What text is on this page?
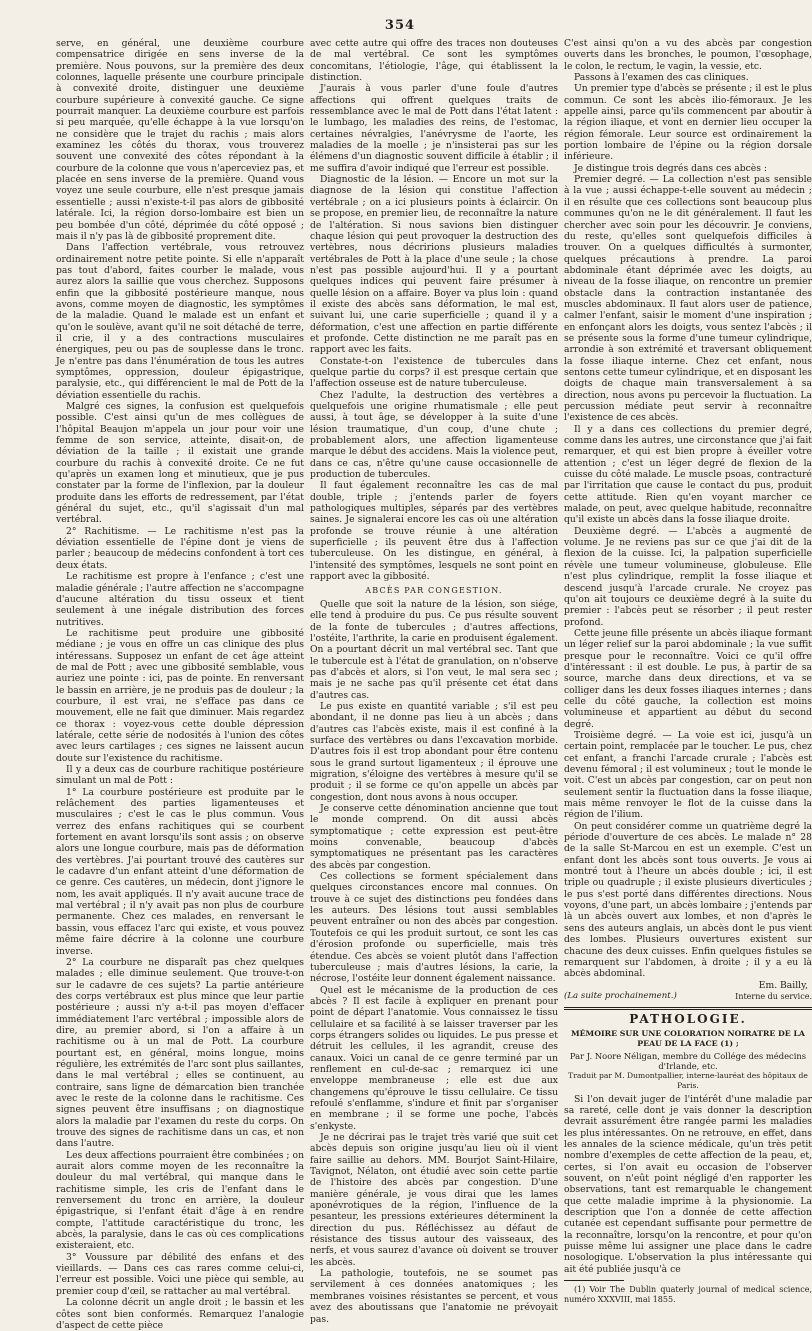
354

serve, en général, une deuxième courbure compensatrice dirigée en sens inverse de la première. Nous pouvons, sur la première des deux colonnes, laquelle présente une courbure principale à convexité droite, distinguer une deuxième courbure supérieure à convexité gauche. Ce signe pourrait manquer. La deuxième courbure est parfois si peu marquée, qu'elle échappe à la vue lorsqu'on ne considère que le trajet du rachis ; mais alors examinez les côtés du thorax, vous trouverez souvent une convexité des côtes répondant à la courbure de la colonne que vous n'aperceviez pas, et placée en sens inverse de la première. Quand vous voyez une seule courbure, elle n'est presque jamais essentielle ; aussi n'existe-t-il pas alors de gibbosité latérale. Ici, la région dorso-lombaire est bien un peu bombée d'un côté, déprimée du côté opposé ; mais il n'y pas là de gibbosité proprement dite.

Dans l'affection vertébrale, vous retrouvez ordinairement notre petite pointe. Si elle n'apparaît pas tout d'abord, faites courber le malade, vous aurez alors la saillie que vous cherchez. Supposons enfin que la gibbosité postérieure manque, nous avons, comme moyen de diagnostic, les symptômes de la maladie. Quand le malade est un enfant et qu'on le soulève, avant qu'il ne soit détaché de terre, il crie, il y a des contractions musculaires énergiques, peu ou pas de souplesse dans le tronc. Je n'entre pas dans l'énumération de tous les autres symptômes, oppression, douleur épigastrique, paralysie, etc., qui différencient le mal de Pott de la déviation essentielle du rachis.

Malgré ces signes, la confusion est quelquefois possible. C'est ainsi qu'un de mes collègues de l'hôpital Beaujon m'appela un jour pour voir une femme de son service, atteinte, disait-on, de déviation de la taille ; il existait une grande courbure du rachis à convexité droite. Ce ne fut qu'après un examen long et minutieux, que je pus constater par la forme de l'inflexion, par la douleur produite dans les efforts de redressement, par l'état général du sujet, etc., qu'il s'agissait d'un mal vertébral.

2° Rachitisme. — Le rachitisme n'est pas la déviation essentielle de l'épine dont je viens de parler ; beaucoup de médecins confondent à tort ces deux états.

Le rachitisme est propre à l'enfance ; c'est une maladie générale ; l'autre affection ne s'accompagne d'aucune altération du tissu osseux et tient seulement à une inégale distribution des forces nutritives.

Le rachitisme peut produire une gibbosité médiane ; je vous en offre un cas clinique des plus intéressans. Supposez un enfant de cet âge atteint de mal de Pott ; avec une gibbosité semblable, vous auriez une pointe : ici, pas de pointe. En renversant le bassin en arrière, je ne produis pas de douleur ; la courbure, il est vrai, ne s'efface pas dans ce mouvement, elle ne fait que diminuer. Mais regardez ce thorax : voyez-vous cette double dépression latérale, cette série de nodosités à l'union des côtes avec leurs cartilages ; ces signes ne laissent aucun doute sur l'existence du rachitisme.

Il y a deux cas de courbure rachitique postérieure simulant un mal de Pott :

1° La courbure postérieure est produite par le relâchement des parties ligamenteuses et musculaires ; c'est le cas le plus commun. Vous verrez des enfans rachitiques qui se courbent fortement en avant lorsqu'ils sont assis ; on observe alors une longue courbure, mais pas de déformation des vertèbres. J'ai pourtant trouvé des cautères sur le cadavre d'un enfant atteint d'une déformation de ce genre. Ces cautères, un médecin, dont j'ignore le nom, les avait appliqués. Il n'y avait aucune trace de mal vertébral ; il n'y avait pas non plus de courbure permanente. Chez ces malades, en renversant le bassin, vous effacez l'arc qui existe, et vous pouvez même faire décrire à la colonne une courbure inverse.

2° La courbure ne disparaît pas chez quelques malades ; elle diminue seulement. Que trouve-t-on sur le cadavre de ces sujets? La partie antérieure des corps vertébraux est plus mince que leur partie postérieure ; aussi n'y a-t-il pas moyen d'effacer immédiatement l'arc vertébral ; impossible alors de dire, au premier abord, si l'on a affaire à un rachitisme ou à un mal de Pott. La courbure pourtant est, en général, moins longue, moins régulière, les extrémités de l'arc sont plus saillantes, dans le mal vertébral ; elles se continuent, au contraire, sans ligne de démarcation bien tranchée avec le reste de la colonne dans le rachitisme. Ces signes peuvent être insuffisans ; on diagnostique alors la maladie par l'examen du reste du corps. On trouve des signes de rachitisme dans un cas, et non dans l'autre.

Les deux affections pourraient être combinées ; on aurait alors comme moyen de les reconnaître la douleur du mal vertébral, qui manque dans le rachitisme simple, les cris de l'enfant dans le renversement du tronc en arrière, la douleur épigastrique, si l'enfant était d'âge à en rendre compte, l'attitude caractéristique du tronc, les abcès, la paralysie, dans le cas où ces complications existeraient, etc.

3° Voussure par débilité des enfans et des vieillards. — Dans ces cas rares comme celui-ci, l'erreur est possible. Voici une pièce qui semble, au premier coup d'œil, se rattacher au mal vertébral.

La colonne décrit un angle droit ; le bassin et les côtes sont bien conformés. Remarquez l'analogie d'aspect de cette pièce

avec cette autre qui offre des traces non douteuses de mal vertébral. Ce sont les symptômes concomitans, l'étiologie, l'âge, qui établissent la distinction.

J'aurais à vous parler d'une foule d'autres affections qui offrent quelques traits de ressemblance avec le mal de Pott dans l'état latent : le lumbago, les maladies des reins, de l'estomac, certaines névralgies, l'anévrysme de l'aorte, les maladies de la moelle ; je n'insisterai pas sur les élémens d'un diagnostic souvent difficile à établir ; il me suffira d'avoir indiqué que l'erreur est possible.

Diagnostic de la lésion. — Encore un mot sur la diagnose de la lésion qui constitue l'affection vertébrale ; on a ici plusieurs points à éclaircir. On se propose, en premier lieu, de reconnaître la nature de l'altération. Si nous savions bien distinguer chaque lésion qui peut provoquer la destruction des vertèbres, nous décririons plusieurs maladies vertébrales de Pott à la place d'une seule ; la chose n'est pas possible aujourd'hui. Il y a pourtant quelques indices qui peuvent faire présumer à quelle lésion on a affaire. Boyer va plus loin : quand il existe des abcès sans déformation, le mal est, suivant lui, une carie superficielle ; quand il y a déformation, c'est une affection en partie différente et profonde. Cette distinction ne me paraît pas en rapport avec les faits.

Constate-t-on l'existence de tubercules dans quelque partie du corps? il est presque certain que l'affection osseuse est de nature tuberculeuse.

Chez l'adulte, la destruction des vertèbres a quelquefois une origine rhumatismale ; elle peut aussi, à tout âge, se développer à la suite d'une lésion traumatique, d'un coup, d'une chute ; probablement alors, une affection ligamenteuse marque le début des accidens. Mais la violence peut, dans ce cas, n'être qu'une cause occasionnelle de production de tubercules.

Il faut également reconnaître les cas de mal double, triple ; j'entends parler de foyers pathologiques multiples, séparés par des vertèbres saines. Je signalerai encore les cas où une altération profonde se trouve réunie à une altération superficielle ; ils peuvent être dus à l'affection tuberculeuse. On les distingue, en général, à l'intensité des symptômes, lesquels ne sont point en rapport avec la gibbosité.

ABCÈS PAR CONGESTION.

Quelle que soit la nature de la lésion, son siége, elle tend à produire du pus. Ce pus résulte souvent de la fonte de tubercules ; d'autres affections, l'ostéite, l'arthrite, la carie en produisent également. On a pourtant décrit un mal vertébral sec. Tant que le tubercule est à l'état de granulation, on n'observe pas d'abcès et alors, si l'on veut, le mal sera sec ; mais je ne sache pas qu'il présente cet état dans d'autres cas.

Le pus existe en quantité variable ; s'il est peu abondant, il ne donne pas lieu à un abcès ; dans d'autres cas l'abcès existe, mais il est confiné à la surface des vertèbres ou dans l'excavation morbide. D'autres fois il est trop abondant pour être contenu sous le grand surtout ligamenteux ; il éprouve une migration, s'éloigne des vertèbres à mesure qu'il se produit ; il se forme ce qu'on appelle un abcès par congestion, dont nous avons à nous occuper.

Je conserve cette dénomination ancienne que tout le monde comprend. On dit aussi abcès symptomatique ; cette expression est peut-être moins convenable, beaucoup d'abcès symptomatiques ne présentant pas les caractères des abcès par congestion.

Ces collections se forment spécialement dans quelques circonstances encore mal connues. On trouve à ce sujet des distinctions peu fondées dans les auteurs. Des lésions tout aussi semblables peuvent entraîner ou non des abcès par congestion. Toutefois ce qui les produit surtout, ce sont les cas d'érosion profonde ou superficielle, mais très étendue. Ces abcès se voient plutôt dans l'affection tuberculeuse ; mais d'autres lésions, la carie, la nécrose, l'ostéite leur donnent également naissance.

Quel est le mécanisme de la production de ces abcès ? Il est facile à expliquer en prenant pour point de départ l'anatomie. Vous connaissez le tissu cellulaire et sa facilité à se laisser traverser par les corps étrangers solides ou liquides. Le pus presse et détruit les cellules, il les agrandit, creuse des canaux. Voici un canal de ce genre terminé par un renflement en cul-de-sac ; remarquez ici une enveloppe membraneuse ; elle est due aux changemens qu'éprouve le tissu cellulaire. Ce tissu refoulé s'enflamme, s'indure et finit par s'organiser en membrane ; il se forme une poche, l'abcès s'enkyste.

Je ne décrirai pas le trajet très varié que suit cet abcès depuis son origine jusqu'au lieu où il vient faire saillie au dehors. MM. Bourjot Saint-Hilaire, Tavignot, Nélaton, ont étudié avec soin cette partie de l'histoire des abcès par congestion. D'une manière générale, je vous dirai que les lames aponévrotiques de la région, l'influence de la pesanteur, les pressions extérieures déterminent la direction du pus. Réfléchissez au défaut de résistance des tissus autour des vaisseaux, des nerfs, et vous saurez d'avance où doivent se trouver les abcès.

La pathologie, toutefois, ne se soumet pas servilement à ces données anatomiques ; les membranes voisines résistantes se percent, et vous avez des aboutissans que l'anatomie ne prévoyait pas.

C'est ainsi qu'on a vu des abcès par congestion ouverts dans les bronches, le poumon, l'œsophage, le colon, le rectum, le vagin, la vessie, etc.

Passons à l'examen des cas cliniques.

Un premier type d'abcès se présente ; il est le plus commun. Ce sont les abcès ilio-fémoraux. Je les appelle ainsi, parce qu'ils commencent par aboutir à la région iliaque, et vont en dernier lieu occuper la région fémorale. Leur source est ordinairement la portion lombaire de l'épine ou la région dorsale inférieure.

Je distingue trois degrés dans ces abcès :

Premier degré. — La collection n'est pas sensible à la vue ; aussi échappe-t-elle souvent au médecin ; il en résulte que ces collections sont beaucoup plus communes qu'on ne le dit généralement. Il faut les chercher avec soin pour les découvrir. Je conviens, du reste, qu'elles sont quelquefois difficiles à trouver. On a quelques difficultés à surmonter, quelques précautions à prendre. La paroi abdominale étant déprimée avec les doigts, au niveau de la fosse iliaque, on rencontre un premier obstacle dans la contraction instantanée des muscles abdominaux. Il faut alors user de patience, calmer l'enfant, saisir le moment d'une inspiration ; en enfonçant alors les doigts, vous sentez l'abcès ; il se présente sous la forme d'une tumeur cylindrique, arrondie à son extrémité et traversant obliquement la fosse iliaque interne. Chez cet enfant, nous sentons cette tumeur cylindrique, et en disposant les doigts de chaque main transversalement à sa direction, nous avons pu percevoir la fluctuation. La percussion médiate peut servir à reconnaître l'existence de ces abcès.

Il y a dans ces collections du premier degré, comme dans les autres, une circonstance que j'ai fait remarquer, et qui est bien propre à éveiller votre attention ; c'est un léger degré de flexion de la cuisse du côté malade. Le muscle psoas, contracturé par l'irritation que cause le contact du pus, produit cette attitude. Rien qu'en voyant marcher ce malade, on peut, avec quelque habitude, reconnaître qu'il existe un abcès dans la fosse iliaque droite.

Deuxième degré. — L'abcès a augmenté de volume. Je ne reviens pas sur ce que j'ai dit de la flexion de la cuisse. Ici, la palpation superficielle révèle une tumeur volumineuse, globuleuse. Elle n'est plus cylindrique, remplit la fosse iliaque et descend jusqu'à l'arcade crurale. Ne croyez pas qu'on ait toujours ce deuxième degré à la suite du premier : l'abcès peut se résorber ; il peut rester profond.

Cette jeune fille présente un abcès iliaque formant un léger relief sur la paroi abdominale ; la vue suffit presque pour le reconnaître. Voici ce qu'il offre d'intéressant : il est double. Le pus, à partir de sa source, marche dans deux directions, et va se colliger dans les deux fosses iliaques internes ; dans celle du côté gauche, la collection est moins volumineuse et appartient au début du second degré.

Troisième degré. — La voie est ici, jusqu'à un certain point, remplacée par le toucher. Le pus, chez cet enfant, a franchi l'arcade crurale ; l'abcès est devenu fémoral ; il est volumineux ; tout le monde le voit. C'est un abcès par congestion, car on peut non seulement sentir la fluctuation dans la fosse iliaque, mais même renvoyer le flot de la cuisse dans la région de l'ilium.

On peut considérer comme un quatrième degré la période d'ouverture de ces abcès. Le malade n° 28 de la salle St-Marcou en est un exemple. C'est un enfant dont les abcès sont tous ouverts. Je vous ai montré tout à l'heure un abcès double ; ici, il est triple ou quadruple ; il existe plusieurs diverticules ; le pus s'est porté dans différentes directions. Nous voyons, d'une part, un abcès lombaire ; j'entends par là un abcès ouvert aux lombes, et non d'après le sens des auteurs anglais, un abcès dont le pus vient des lombes. Plusieurs ouvertures existent sur chacune des deux cuisses. Enfin quelques fistules se remarquent sur l'abdomen, à droite ; il y a eu là abcès abdominal.

Em. Bailly,

(La suite prochainement.)	Interne du service.
PATHOLOGIE.
MÉMOIRE SUR UNE COLORATION NOIRATRE DE LA PEAU DE LA FACE (1) ;
Par J. Noore Néligan, membre du Collége des médecins d'Irlande, etc.
Traduit par M. Dumontpallier, interne-lauréat des hôpitaux de Paris.

Si l'on devait juger de l'intérêt d'une maladie par sa rareté, celle dont je vais donner la description devrait assurément être rangée parmi les maladies les plus intéressantes. On ne retrouve, en effet, dans les annales de la science médicale, qu'un très petit nombre d'exemples de cette affection de la peau, et, certes, si l'on avait eu occasion de l'observer souvent, on n'eût point négligé d'en rapporter les observations, tant est remarquable le changement que cette maladie imprime à la physionomie. La description que l'on a donnée de cette affection cutanée est cependant suffisante pour permettre de la reconnaître, lorsqu'on la rencontre, et pour qu'on puisse même lui assigner une place dans le cadre nosologique. L'observation la plus intéressante qui ait été publiée jusqu'à ce

(1) Voir The Dublin quaterly journal of medical science, numéro XXXVIII, mai 1855.
